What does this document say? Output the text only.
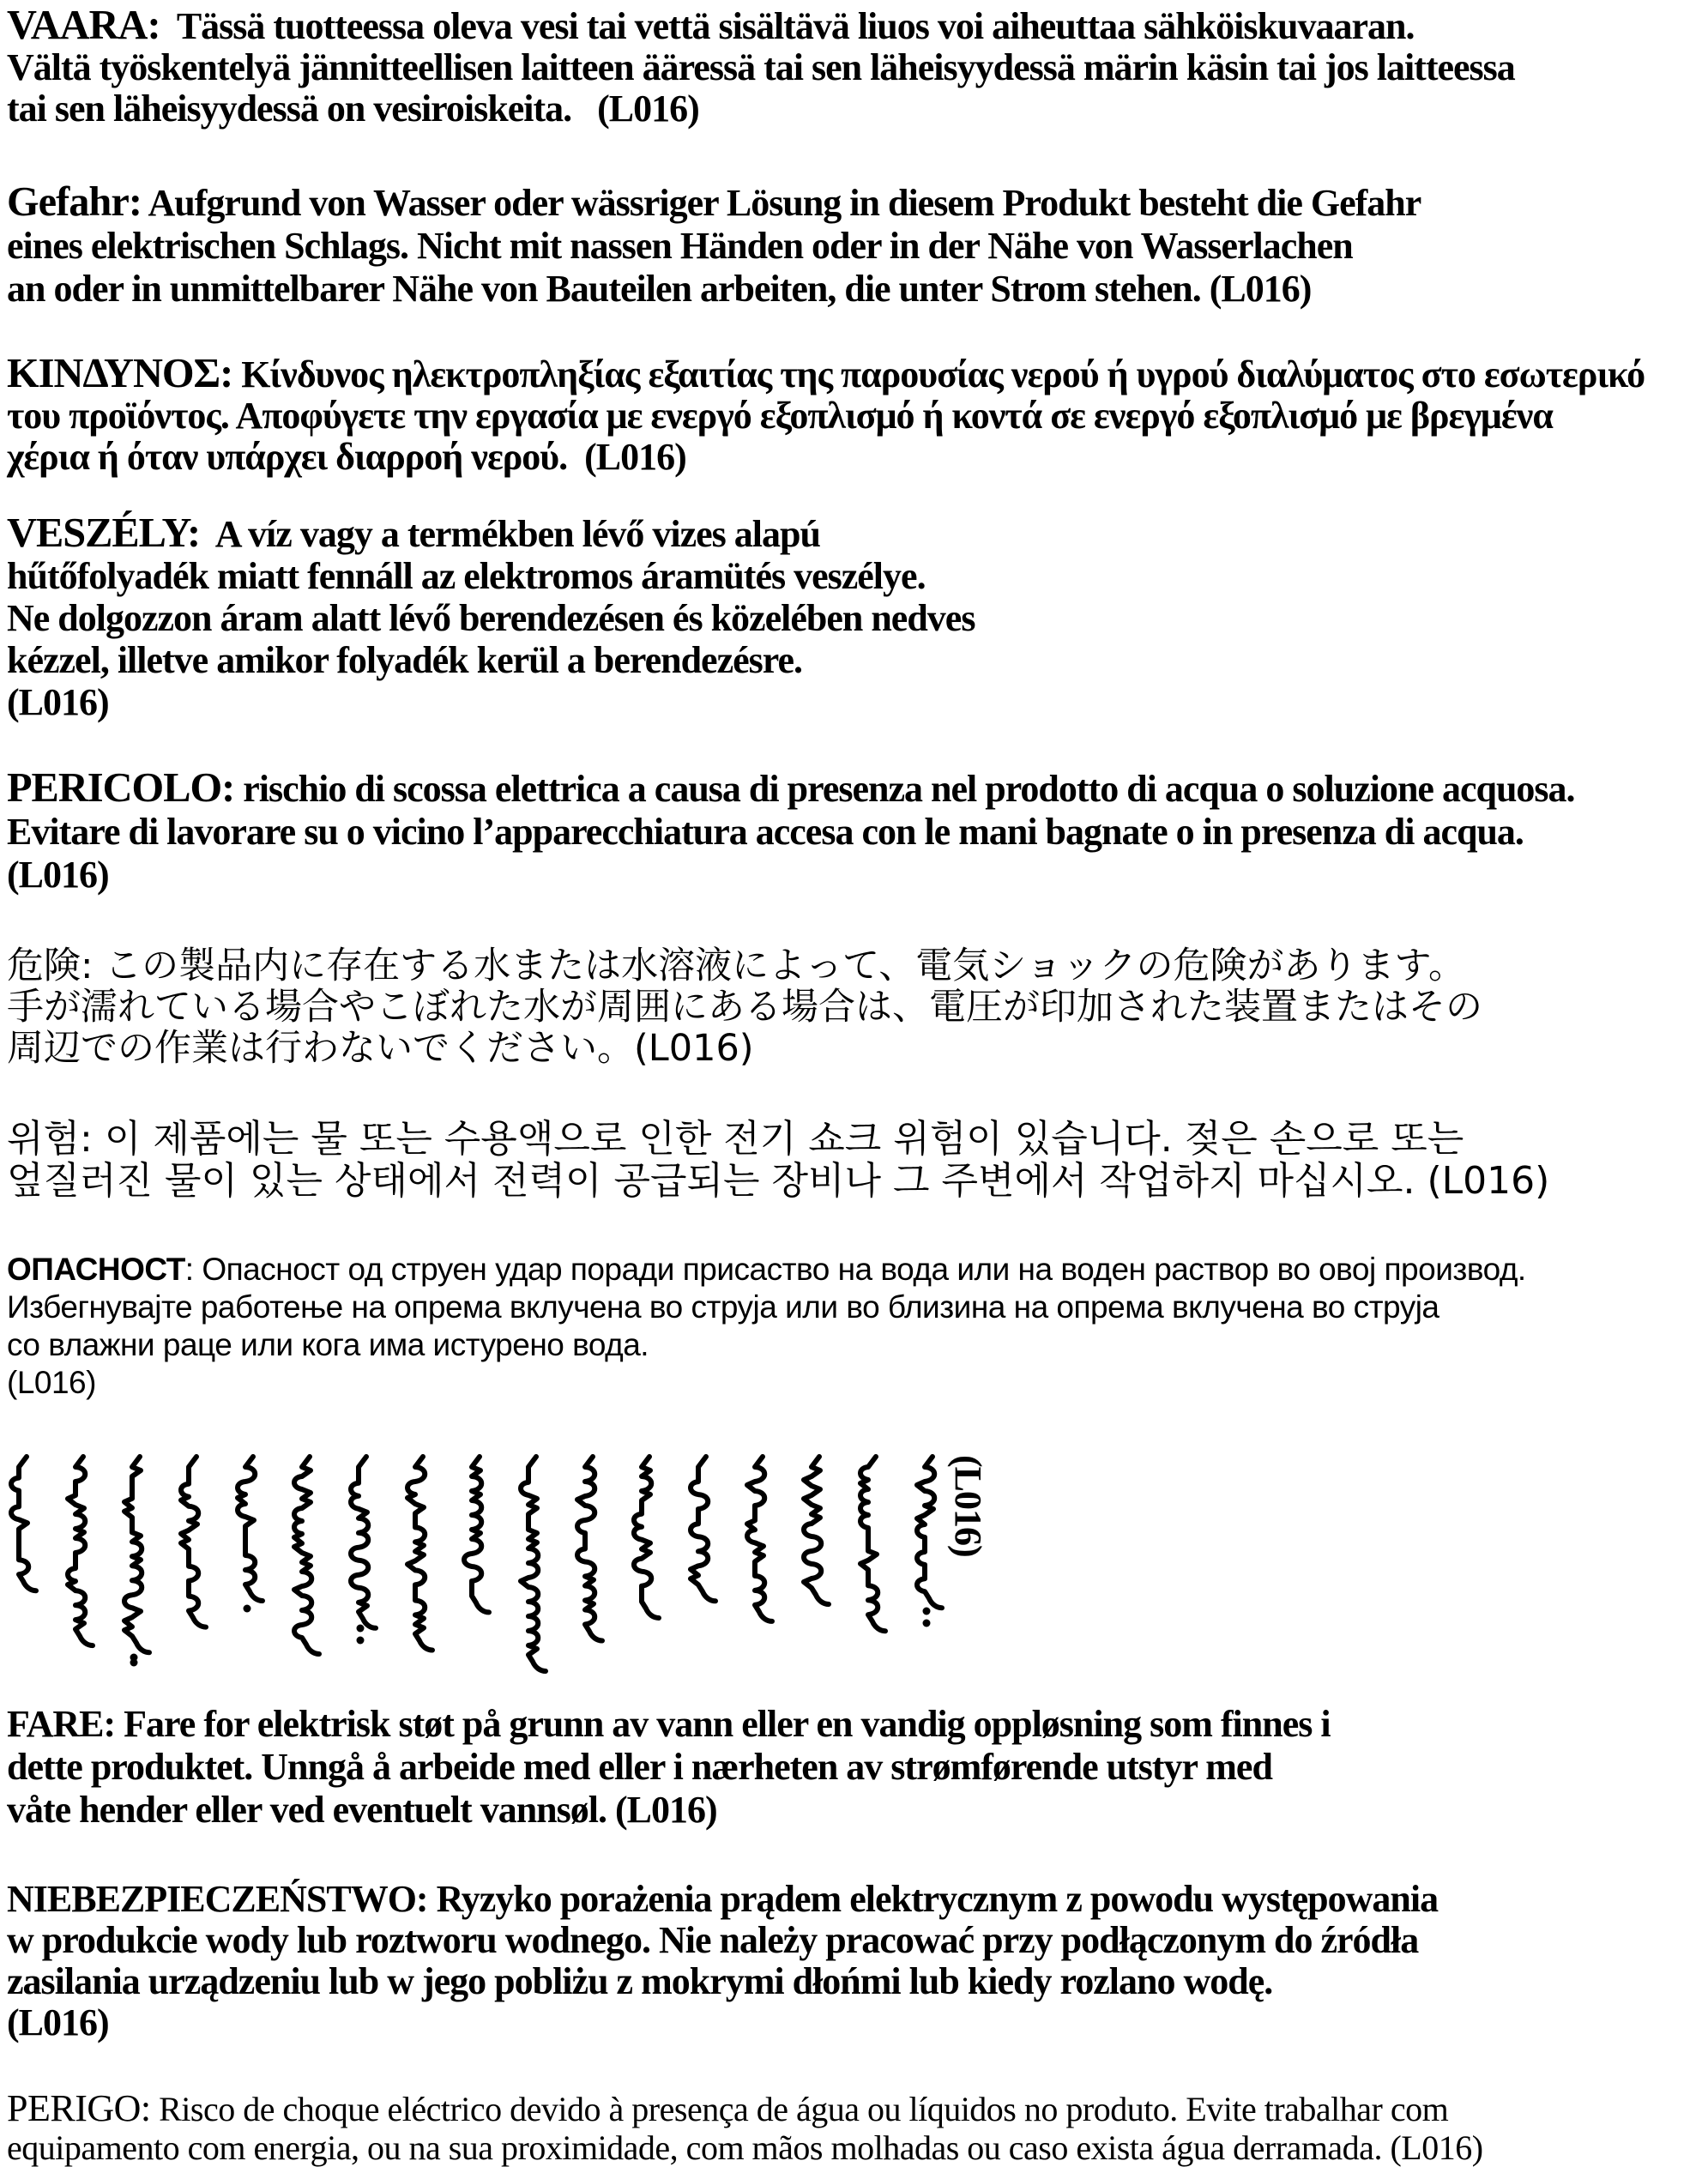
VAARA:  Tässä tuotteessa oleva vesi tai vettä sisältävä liuos voi aiheuttaa sähköiskuvaaran.

Vältä työskentelyä jännitteellisen laitteen ääressä tai sen läheisyydessä märin käsin tai jos laitteessa

tai sen läheisyydessä on vesiroiskeita.   (L016)

Gefahr: Aufgrund von Wasser oder wässriger Lösung in diesem Produkt besteht die Gefahr

eines elektrischen Schlags. Nicht mit nassen Händen oder in der Nähe von Wasserlachen

an oder in unmittelbarer Nähe von Bauteilen arbeiten, die unter Strom stehen. (L016)

ΚΙΝΔΥΝΟΣ: Κίνδυνος ηλεκτροπληξίας εξαιτίας της παρουσίας νερού ή υγρού διαλύματος στο εσωτερικό

του προϊόντος. Αποφύγετε την εργασία με ενεργό εξοπλισμό ή κοντά σε ενεργό εξοπλισμό με βρεγμένα

χέρια ή όταν υπάρχει διαρροή νερού.  (L016)

VESZÉLY:  A víz vagy a termékben lévő vizes alapú

hűtőfolyadék miatt fennáll az elektromos áramütés veszélye.

Ne dolgozzon áram alatt lévő berendezésen és közelében nedves

kézzel, illetve amikor folyadék kerül a berendezésre.

(L016)

PERICOLO: rischio di scossa elettrica a causa di presenza nel prodotto di acqua o soluzione acquosa.

Evitare di lavorare su o vicino l’apparecchiatura accesa con le mani bagnate o in presenza di acqua.

(L016)

危険: この製品内に存在する水または水溶液によって、電気ショックの危険があります。

手が濡れている場合やこぼれた水が周囲にある場合は、電圧が印加された装置またはその

周辺での作業は行わないでください。(L016)

위험: 이 제품에는 물 또는 수용액으로 인한 전기 쇼크 위험이 있습니다. 젖은 손으로 또는

엎질러진 물이 있는 상태에서 전력이 공급되는 장비나 그 주변에서 작업하지 마십시오. (L016)

ОПАСНОСТ: Опасност од струен удар поради присаство на вода или на воден раствор во овој производ.

Избегнувајте работење на опрема вклучена во струја или во близина на опрема вклучена во струја

со влажни раце или кога има истурено вода.

(L016)

(L016)

FARE: Fare for elektrisk støt på grunn av vann eller en vandig oppløsning som finnes i

dette produktet. Unngå å arbeide med eller i nærheten av strømførende utstyr med

våte hender eller ved eventuelt vannsøl. (L016)

NIEBEZPIECZEŃSTWO: Ryzyko porażenia prądem elektrycznym z powodu występowania

w produkcie wody lub roztworu wodnego. Nie należy pracować przy podłączonym do źródła

zasilania urządzeniu lub w jego pobliżu z mokrymi dłońmi lub kiedy rozlano wodę.

(L016)

PERIGO: Risco de choque eléctrico devido à presença de água ou líquidos no produto. Evite trabalhar com

equipamento com energia, ou na sua proximidade, com mãos molhadas ou caso exista água derramada. (L016)
